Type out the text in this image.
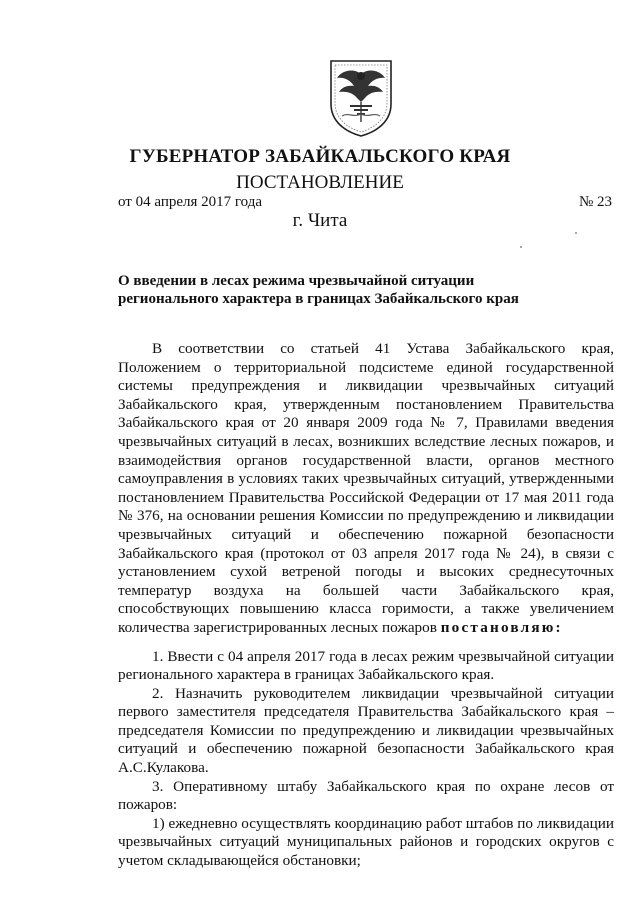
ГУБЕРНАТОР ЗАБАЙКАЛЬСКОГО КРАЯ
ПОСТАНОВЛЕНИЕ
от 04 апреля 2017 года	№ 23
г. Чита
О введении в лесах режима чрезвычайной ситуации
регионального характера в границах Забайкальского края

В соответствии со статьей 41 Устава Забайкальского края, Положением о территориальной подсистеме единой государственной системы предупреждения и ликвидации чрезвычайных ситуаций Забайкальского края, утвержденным постановлением Правительства Забайкальского края от 20 января 2009 года № 7, Правилами введения чрезвычайных ситуаций в лесах, возникших вследствие лесных пожаров, и взаимодействия органов государственной власти, органов местного самоуправления в условиях таких чрезвычайных ситуаций, утвержденными постановлением Правительства Российской Федерации от 17 мая 2011 года № 376, на основании решения Комиссии по предупреждению и ликвидации чрезвычайных ситуаций и обеспечению пожарной безопасности Забайкальского края (протокол от 03 апреля 2017 года № 24), в связи с установлением сухой ветреной погоды и высоких среднесуточных температур воздуха на большей части Забайкальского края, способствующих повышению класса горимости, а также увеличением количества зарегистрированных лесных пожаров постановляю:

1. Ввести с 04 апреля 2017 года в лесах режим чрезвычайной ситуации регионального характера в границах Забайкальского края.

2. Назначить руководителем ликвидации чрезвычайной ситуации первого заместителя председателя Правительства Забайкальского края – председателя Комиссии по предупреждению и ликвидации чрезвычайных ситуаций и обеспечению пожарной безопасности Забайкальского края А.С.Кулакова.

3. Оперативному штабу Забайкальского края по охране лесов от пожаров:

1) ежедневно осуществлять координацию работ штабов по ликвидации чрезвычайных ситуаций муниципальных районов и городских округов с учетом складывающейся обстановки;
